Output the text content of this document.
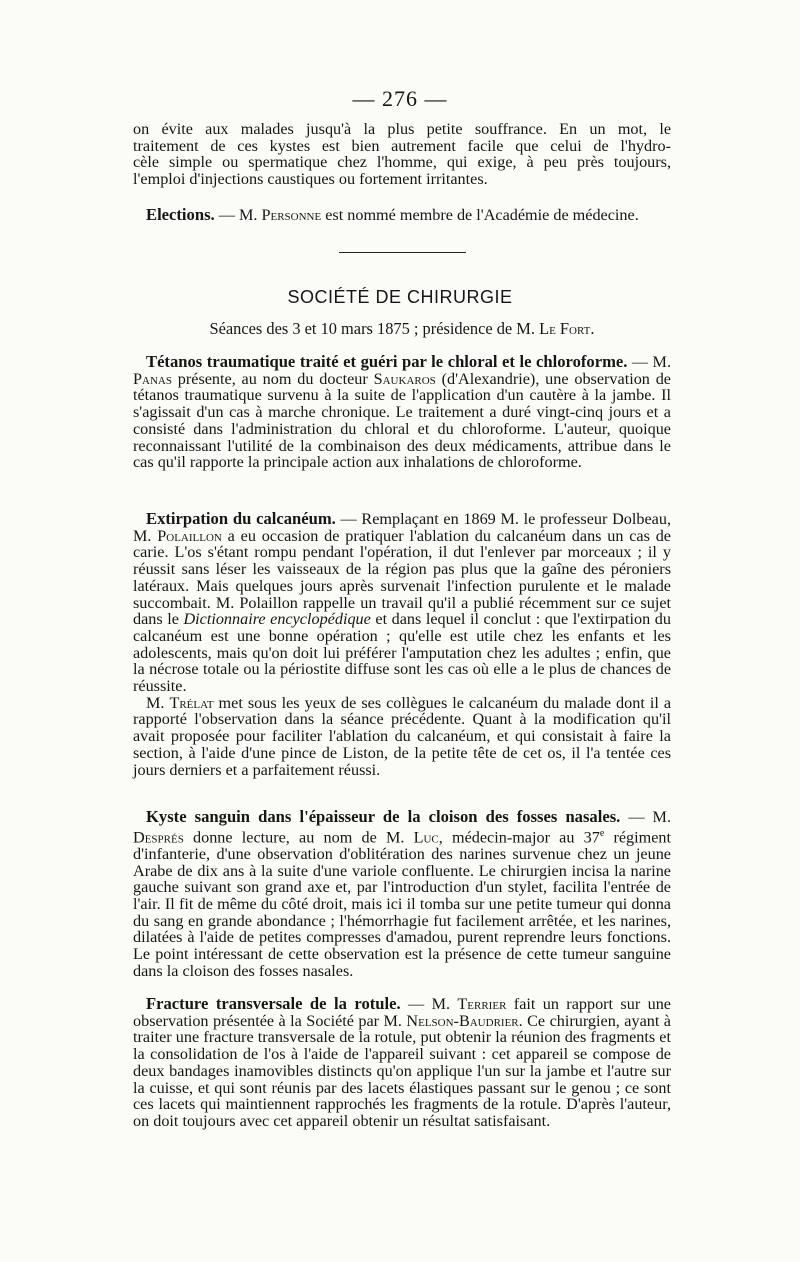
— 276 —

on évite aux malades jusqu'à la plus petite souffrance. En un mot, le

traitement de ces kystes est bien autrement facile que celui de l'hydro-

cèle simple ou spermatique chez l'homme, qui exige, à peu près toujours,

l'emploi d'injections caustiques ou fortement irritantes.

Elections. — M. Personne est nommé membre de l'Académie de médecine.

SOCIÉTÉ DE CHIRURGIE

Séances des 3 et 10 mars 1875 ; présidence de M. Le Fort.

Tétanos traumatique traité et guéri par le chloral et le chloroforme. — M. Panas présente, au nom du docteur Saukaros (d'Alexandrie), une observation de tétanos traumatique survenu à la suite de l'application d'un cautère à la jambe. Il s'agissait d'un cas à marche chronique. Le traitement a duré vingt-cinq jours et a consisté dans l'administration du chloral et du chloroforme. L'auteur, quoique reconnaissant l'utilité de la combinaison des deux médicaments, attribue dans le cas qu'il rapporte la principale action aux inhalations de chloroforme.

Extirpation du calcanéum. — Remplaçant en 1869 M. le professeur Dolbeau, M. Polaillon a eu occasion de pratiquer l'ablation du calcanéum dans un cas de carie. L'os s'étant rompu pendant l'opération, il dut l'enlever par morceaux ; il y réussit sans léser les vaisseaux de la région pas plus que la gaîne des péroniers latéraux. Mais quelques jours après survenait l'infection purulente et le malade succombait. M. Polaillon rappelle un travail qu'il a publié récemment sur ce sujet dans le Dictionnaire encyclopédique et dans lequel il conclut : que l'extirpation du calcanéum est une bonne opération ; qu'elle est utile chez les enfants et les adolescents, mais qu'on doit lui préférer l'amputation chez les adultes ; enfin, que la nécrose totale ou la périostite diffuse sont les cas où elle a le plus de chances de réussite.

M. Trélat met sous les yeux de ses collègues le calcanéum du malade dont il a rapporté l'observation dans la séance précédente. Quant à la modification qu'il avait proposée pour faciliter l'ablation du calcanéum, et qui consistait à faire la section, à l'aide d'une pince de Liston, de la petite tête de cet os, il l'a tentée ces jours derniers et a parfaitement réussi.

Kyste sanguin dans l'épaisseur de la cloison des fosses nasales. — M. Després donne lecture, au nom de M. Luc, médecin-major au 37e régiment d'infanterie, d'une observation d'oblitération des narines survenue chez un jeune Arabe de dix ans à la suite d'une variole confluente. Le chirurgien incisa la narine gauche suivant son grand axe et, par l'introduction d'un stylet, facilita l'entrée de l'air. Il fit de même du côté droit, mais ici il tomba sur une petite tumeur qui donna du sang en grande abondance ; l'hémorrhagie fut facilement arrêtée, et les narines, dilatées à l'aide de petites compresses d'amadou, purent reprendre leurs fonctions. Le point intéressant de cette observation est la présence de cette tumeur sanguine dans la cloison des fosses nasales.

Fracture transversale de la rotule. — M. Terrier fait un rapport sur une observation présentée à la Société par M. Nelson-Baudrier. Ce chirurgien, ayant à traiter une fracture transversale de la rotule, put obtenir la réunion des fragments et la consolidation de l'os à l'aide de l'appareil suivant : cet appareil se compose de deux bandages inamovibles distincts qu'on applique l'un sur la jambe et l'autre sur la cuisse, et qui sont réunis par des lacets élastiques passant sur le genou ; ce sont ces lacets qui maintiennent rapprochés les fragments de la rotule. D'après l'auteur, on doit toujours avec cet appareil obtenir un résultat satisfaisant.
